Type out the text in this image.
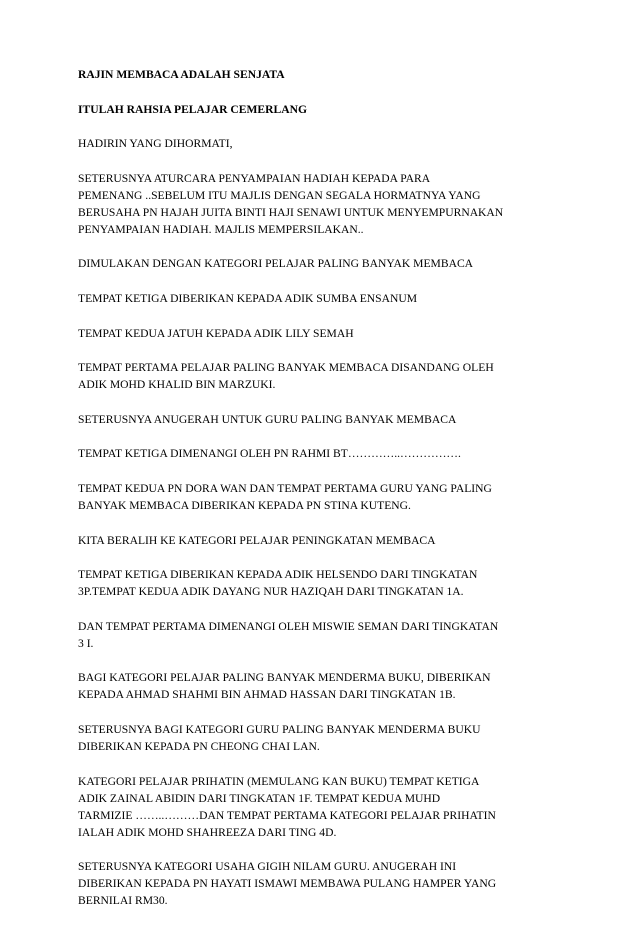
RAJIN MEMBACA ADALAH SENJATA

ITULAH RAHSIA PELAJAR CEMERLANG

HADIRIN YANG DIHORMATI,

SETERUSNYA ATURCARA PENYAMPAIAN HADIAH KEPADA PARA
PEMENANG ..SEBELUM ITU MAJLIS DENGAN SEGALA HORMATNYA YANG
BERUSAHA PN HAJAH JUITA BINTI HAJI SENAWI UNTUK MENYEMPURNAKAN
PENYAMPAIAN HADIAH. MAJLIS MEMPERSILAKAN..

DIMULAKAN DENGAN KATEGORI PELAJAR PALING BANYAK MEMBACA

TEMPAT KETIGA DIBERIKAN KEPADA ADIK SUMBA ENSANUM

TEMPAT KEDUA JATUH KEPADA ADIK LILY SEMAH

TEMPAT PERTAMA PELAJAR PALING BANYAK MEMBACA DISANDANG OLEH
ADIK MOHD KHALID BIN MARZUKI.

SETERUSNYA ANUGERAH UNTUK GURU PALING BANYAK MEMBACA

TEMPAT KETIGA DIMENANGI OLEH PN RAHMI BT…………..…………….

TEMPAT KEDUA PN DORA WAN DAN TEMPAT PERTAMA GURU YANG PALING
BANYAK MEMBACA DIBERIKAN KEPADA PN STINA KUTENG.

KITA BERALIH KE KATEGORI PELAJAR PENINGKATAN MEMBACA

TEMPAT KETIGA DIBERIKAN KEPADA ADIK HELSENDO DARI TINGKATAN
3P.TEMPAT KEDUA ADIK DAYANG NUR HAZIQAH DARI TINGKATAN 1A.

DAN TEMPAT PERTAMA DIMENANGI OLEH MISWIE SEMAN DARI TINGKATAN
3 I.

BAGI KATEGORI PELAJAR PALING BANYAK MENDERMA BUKU, DIBERIKAN
KEPADA AHMAD SHAHMI BIN AHMAD HASSAN DARI TINGKATAN 1B.

SETERUSNYA BAGI KATEGORI GURU PALING BANYAK MENDERMA BUKU
DIBERIKAN KEPADA PN CHEONG CHAI LAN.

KATEGORI PELAJAR PRIHATIN (MEMULANG KAN BUKU) TEMPAT KETIGA
ADIK ZAINAL ABIDIN DARI TINGKATAN 1F. TEMPAT KEDUA MUHD
TARMIZIE ……..………DAN TEMPAT PERTAMA KATEGORI PELAJAR PRIHATIN
IALAH ADIK MOHD SHAHREEZA DARI TING 4D.

SETERUSNYA KATEGORI USAHA GIGIH NILAM GURU. ANUGERAH INI
DIBERIKAN KEPADA PN HAYATI ISMAWI MEMBAWA PULANG HAMPER YANG
BERNILAI RM30.
